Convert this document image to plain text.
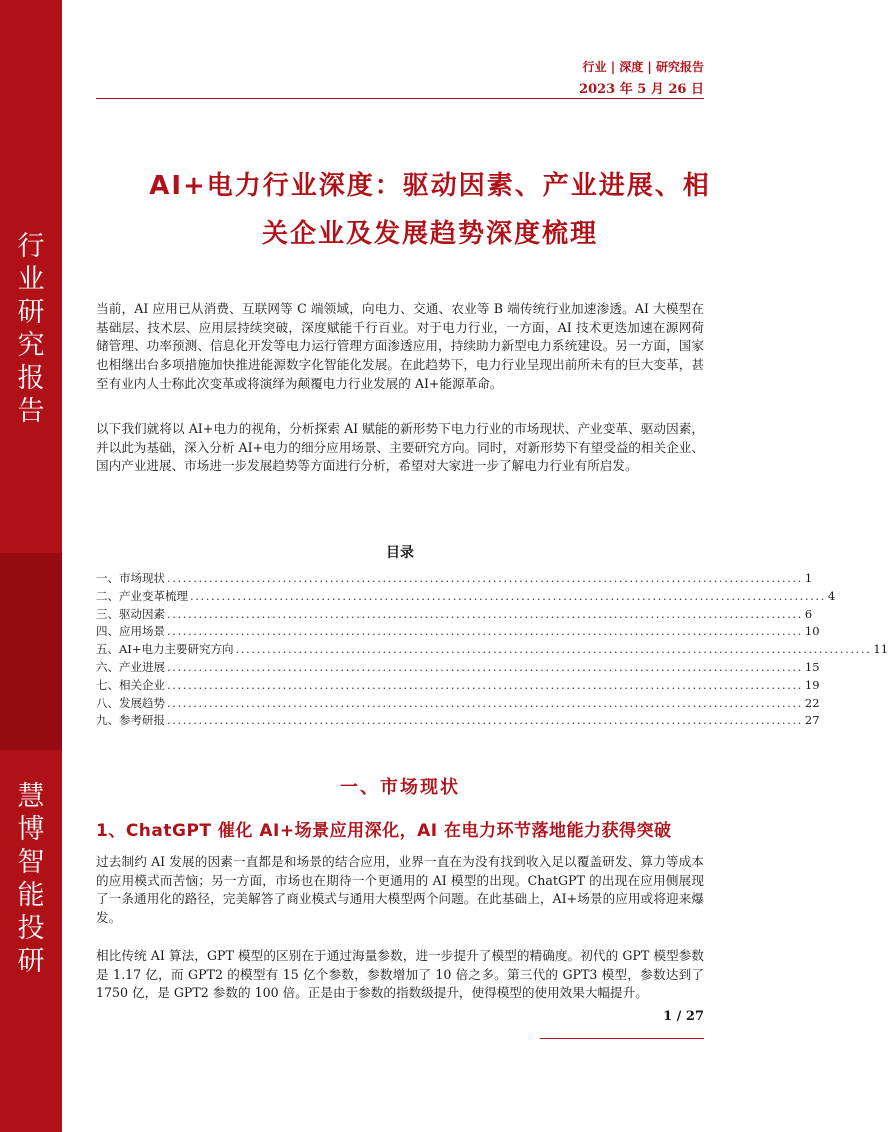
行
业
研
究
报
告
慧
博
智
能
投
研
行业 | 深度 | 研究报告
2023 年 5 月 26 日
AI+电力行业深度：驱动因素、产业进展、相
关企业及发展趋势深度梳理
当前，AI 应用已从消费、互联网等 C 端领域，向电力、交通、农业等 B 端传统行业加速渗透。AI 大模型在基础层、技术层、应用层持续突破，深度赋能千行百业。对于电力行业，一方面，AI 技术更迭加速在源网荷储管理、功率预测、信息化开发等电力运行管理方面渗透应用，持续助力新型电力系统建设。另一方面，国家也相继出台多项措施加快推进能源数字化智能化发展。在此趋势下，电力行业呈现出前所未有的巨大变革，甚至有业内人士称此次变革或将演绎为颠覆电力行业发展的 AI+能源革命。
以下我们就将以 AI+电力的视角，分析探索 AI 赋能的新形势下电力行业的市场现状、产业变革、驱动因素，并以此为基础，深入分析 AI+电力的细分应用场景、主要研究方向。同时，对新形势下有望受益的相关企业、国内产业进展、市场进一步发展趋势等方面进行分析，希望对大家进一步了解电力行业有所启发。
目录
一、市场现状 ......................................................................................................................... 1
二、产业变革梳理 ......................................................................................................................... 4
三、驱动因素 ......................................................................................................................... 6
四、应用场景 ......................................................................................................................... 10
五、AI+电力主要研究方向 ......................................................................................................................... 11
六、产业进展 ......................................................................................................................... 15
七、相关企业 ......................................................................................................................... 19
八、发展趋势 ......................................................................................................................... 22
九、参考研报 ......................................................................................................................... 27
一、市场现状
1、ChatGPT 催化 AI+场景应用深化，AI 在电力环节落地能力获得突破
过去制约 AI 发展的因素一直都是和场景的结合应用，业界一直在为没有找到收入足以覆盖研发、算力等成本的应用模式而苦恼；另一方面，市场也在期待一个更通用的 AI 模型的出现。ChatGPT 的出现在应用侧展现了一条通用化的路径，完美解答了商业模式与通用大模型两个问题。在此基础上，AI+场景的应用或将迎来爆发。
相比传统 AI 算法，GPT 模型的区别在于通过海量参数，进一步提升了模型的精确度。初代的 GPT 模型参数是 1.17 亿，而 GPT2 的模型有 15 亿个参数，参数增加了 10 倍之多。第三代的 GPT3 模型，参数达到了 1750 亿，是 GPT2 参数的 100 倍。正是由于参数的指数级提升，使得模型的使用效果大幅提升。
1 / 27
